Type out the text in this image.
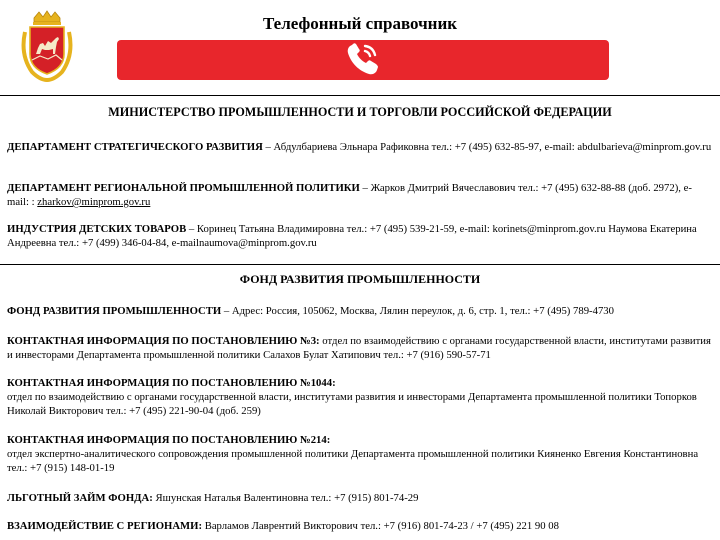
Телефонный справочник
МИНИСТЕРСТВО ПРОМЫШЛЕННОСТИ И ТОРГОВЛИ РОССИЙСКОЙ ФЕДЕРАЦИИ
ДЕПАРТАМЕНТ СТРАТЕГИЧЕСКОГО РАЗВИТИЯ – Абдулбариева Эльнара Рафиковна тел.: +7 (495) 632-85-97, e-mail: abdulbarieva@minprom.gov.ru
ДЕПАРТАМЕНТ РЕГИОНАЛЬНОЙ ПРОМЫШЛЕННОЙ ПОЛИТИКИ – Жарков Дмитрий Вячеславович тел.: +7 (495) 632-88-88 (доб. 2972), e-mail: : zharkov@minprom.gov.ru
ИНДУСТРИЯ ДЕТСКИХ ТОВАРОВ – Коринец Татьяна Владимировна тел.: +7 (495) 539-21-59, e-mail: korinets@minprom.gov.ru Наумова Екатерина Андреевна тел.: +7 (499) 346-04-84, e-mailnaumova@minprom.gov.ru
ФОНД РАЗВИТИЯ ПРОМЫШЛЕННОСТИ
ФОНД РАЗВИТИЯ ПРОМЫШЛЕННОСТИ – Адрес: Россия, 105062, Москва, Лялин переулок, д. 6, стр. 1, тел.: +7 (495) 789-4730
КОНТАКТНАЯ ИНФОРМАЦИЯ ПО ПОСТАНОВЛЕНИЮ №3: отдел по взаимодействию с органами государственной власти, институтами развития и инвесторами Департамента промышленной политики Салахов Булат Хатипович тел.: +7 (916) 590-57-71
КОНТАКТНАЯ ИНФОРМАЦИЯ ПО ПОСТАНОВЛЕНИЮ №1044:
отдел по взаимодействию с органами государственной власти, институтами развития и инвесторами Департамента промышленной политики Топорков Николай Викторович тел.: +7 (495) 221-90-04 (доб. 259)
КОНТАКТНАЯ ИНФОРМАЦИЯ ПО ПОСТАНОВЛЕНИЮ №214:
отдел экспертно-аналитического сопровождения промышленной политики Департамента промышленной политики Кияненко Евгения Константиновна тел.: +7 (915) 148-01-19
ЛЬГОТНЫЙ ЗАЙМ ФОНДА: Яшунская Наталья Валентиновна тел.: +7 (915) 801-74-29
ВЗАИМОДЕЙСТВИЕ С РЕГИОНАМИ: Варламов Лаврентий Викторович тел.: +7 (916) 801-74-23 / +7 (495) 221 90 08
